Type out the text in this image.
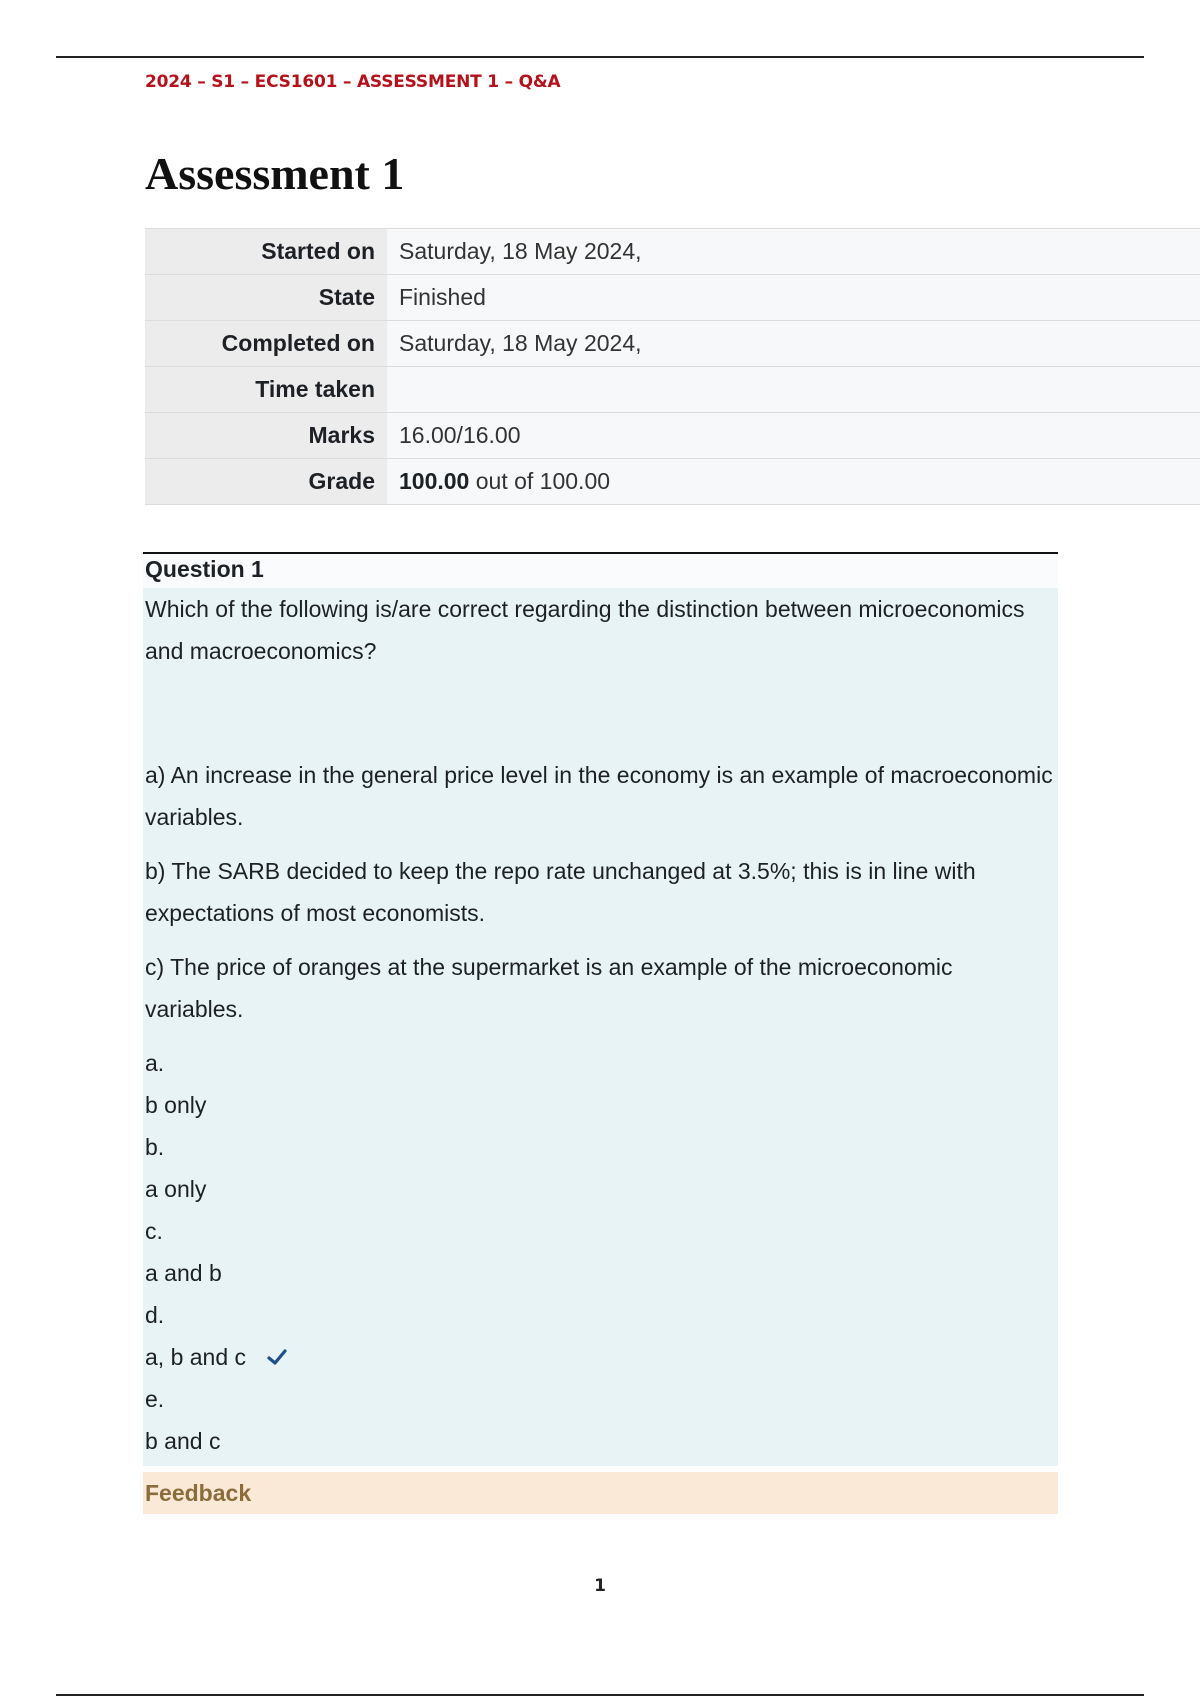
2024 – S1 – ECS1601 – ASSESSMENT 1 – Q&A
Assessment 1
Started on	Saturday, 18 May 2024,
State	Finished
Completed on	Saturday, 18 May 2024,
Time taken	
Marks	16.00/16.00
Grade	100.00 out of 100.00
Question 1

Which of the following is/are correct regarding the distinction between microeconomics and macroeconomics?

a) An increase in the general price level in the economy is an example of macroeconomic variables.

b) The SARB decided to keep the repo rate unchanged at 3.5%; this is in line with expectations of most economists.

c) The price of oranges at the supermarket is an example of the microeconomic variables.

a.
b only
b.
a only
c.
a and b
d.
a, b and c
e.
b and c
Feedback
1
